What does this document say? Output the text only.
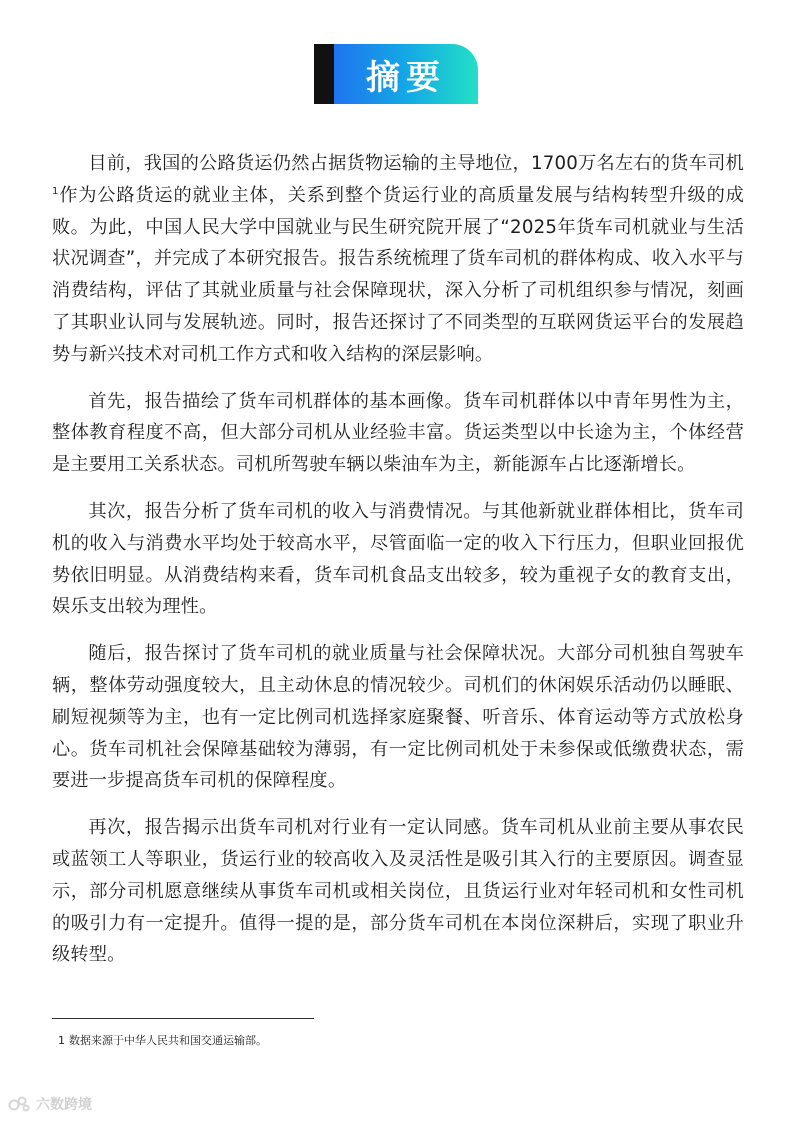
摘要

目前，我国的公路货运仍然占据货物运输的主导地位，1700万名左右的货车司机$^1$作为公路货运的就业主体，关系到整个货运行业的高质量发展与结构转型升级的成败。为此，中国人民大学中国就业与民生研究院开展了“2025年货车司机就业与生活状况调查”，并完成了本研究报告。报告系统梳理了货车司机的群体构成、收入水平与消费结构，评估了其就业质量与社会保障现状，深入分析了司机组织参与情况，刻画了其职业认同与发展轨迹。同时，报告还探讨了不同类型的互联网货运平台的发展趋势与新兴技术对司机工作方式和收入结构的深层影响。

首先，报告描绘了货车司机群体的基本画像。货车司机群体以中青年男性为主，整体教育程度不高，但大部分司机从业经验丰富。货运类型以中长途为主，个体经营是主要用工关系状态。司机所驾驶车辆以柴油车为主，新能源车占比逐渐增长。

其次，报告分析了货车司机的收入与消费情况。与其他新就业群体相比，货车司机的收入与消费水平均处于较高水平，尽管面临一定的收入下行压力，但职业回报优势依旧明显。从消费结构来看，货车司机食品支出较多，较为重视子女的教育支出，娱乐支出较为理性。

随后，报告探讨了货车司机的就业质量与社会保障状况。大部分司机独自驾驶车辆，整体劳动强度较大，且主动休息的情况较少。司机们的休闲娱乐活动仍以睡眠、刷短视频等为主，也有一定比例司机选择家庭聚餐、听音乐、体育运动等方式放松身心。货车司机社会保障基础较为薄弱，有一定比例司机处于未参保或低缴费状态，需要进一步提高货车司机的保障程度。

再次，报告揭示出货车司机对行业有一定认同感。货车司机从业前主要从事农民或蓝领工人等职业，货运行业的较高收入及灵活性是吸引其入行的主要原因。调查显示，部分司机愿意继续从事货车司机或相关岗位，且货运行业对年轻司机和女性司机的吸引力有一定提升。值得一提的是，部分货车司机在本岗位深耕后，实现了职业升级转型。

1 数据来源于中华人民共和国交通运输部。
六数跨境
